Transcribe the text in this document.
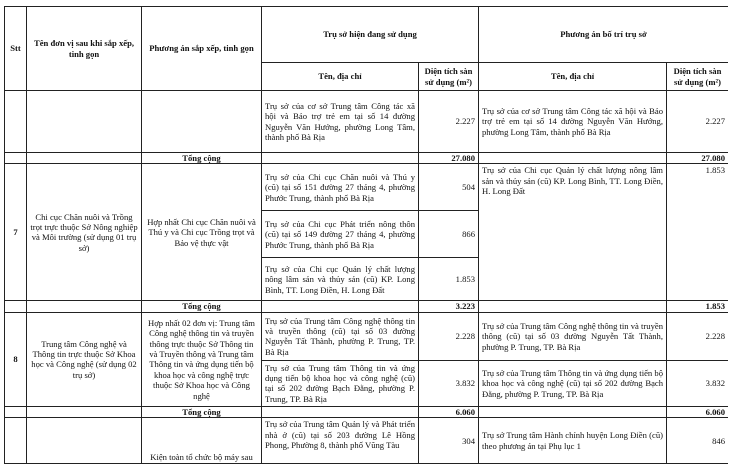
Stt	Tên đơn vị sau khi sắp xếp, tinh gọn	Phương án sắp xếp, tinh gọn	Trụ sở hiện đang sử dụng		Phương án bố trí trụ sở	
			Tên, địa chỉ	Diện tích sàn sử dụng (m²)	Tên, địa chỉ	Diện tích sàn sử dụng (m²)
			Trụ sở của cơ sở Trung tâm Công tác xã hội và Bảo trợ trẻ em tại số 14 đường Nguyễn Văn Hướng, phường Long Tâm, thành phố Bà Rịa	2.227	Trụ sở của cơ sở Trung tâm Công tác xã hội và Bảo trợ trẻ em tại số 14 đường Nguyễn Văn Hướng, phường Long Tâm, thành phố Bà Rịa	2.227
		Tổng cộng		27.080		27.080
7	Chi cục Chăn nuôi và Trồng trọt trực thuộc Sở Nông nghiệp và Môi trường (sử dụng 01 trụ sở)	Hợp nhất Chi cục Chăn nuôi và Thú y và Chi cục Trồng trọt và Bảo vệ thực vật	Trụ sở của Chi cục Chăn nuôi và Thú y (cũ) tại số 151 đường 27 tháng 4, phường Phước Trung, thành phố Bà Rịa	504	Trụ sở của Chi cục Quản lý chất lượng nông lâm sản và thủy sản (cũ) KP. Long Bình, TT. Long Điền, H. Long Đất	1.853
			Trụ sở của Chi cục Phát triển nông thôn (cũ) tại số 149 đường 27 tháng 4, phường Phước Trung, thành phố Bà Rịa	866		
			Trụ sở của Chi cục Quản lý chất lượng nông lâm sản và thủy sản (cũ) KP. Long Bình, TT. Long Điền, H. Long Đất	1.853		
		Tổng cộng		3.223		1.853
8	Trung tâm Công nghệ và Thông tin trực thuộc Sở Khoa học và Công nghệ (sử dụng 02 trụ sở)	Hợp nhất 02 đơn vị: Trung tâm Công nghệ thông tin và truyền thông trực thuộc Sở Thông tin và Truyền thông và Trung tâm Thông tin và ứng dụng tiến bộ khoa học và công nghệ trực thuộc Sở Khoa học và Công nghệ	Trụ sở của Trung tâm Công nghệ thông tin và truyền thông (cũ) tại số 03 đường Nguyễn Tất Thành, phường P. Trung, TP. Bà Rịa	2.228	Trụ sở của Trung tâm Công nghệ thông tin và truyền thông (cũ) tại số 03 đường Nguyễn Tất Thành, phường P. Trung, TP. Bà Rịa	2.228
			Trụ sở của Trung tâm Thông tin và ứng dụng tiến bộ khoa học và công nghệ (cũ) tại số 202 đường Bạch Đằng, phường P. Trung, TP. Bà Rịa	3.832	Trụ sở của Trung tâm Thông tin và ứng dụng tiến bộ khoa học và công nghệ (cũ) tại số 202 đường Bạch Đằng, phường P. Trung, TP. Bà Rịa	3.832
		Tổng cộng		6.060		6.060
		Kiện toàn tổ chức bộ máy sau	Trụ sở của Trung tâm Quản lý và Phát triển nhà ở (cũ) tại số 203 đường Lê Hồng Phong, Phường 8, thành phố Vũng Tàu	304	Trụ sở Trung tâm Hành chính huyện Long Điền (cũ) theo phương án tại Phụ lục 1	846
